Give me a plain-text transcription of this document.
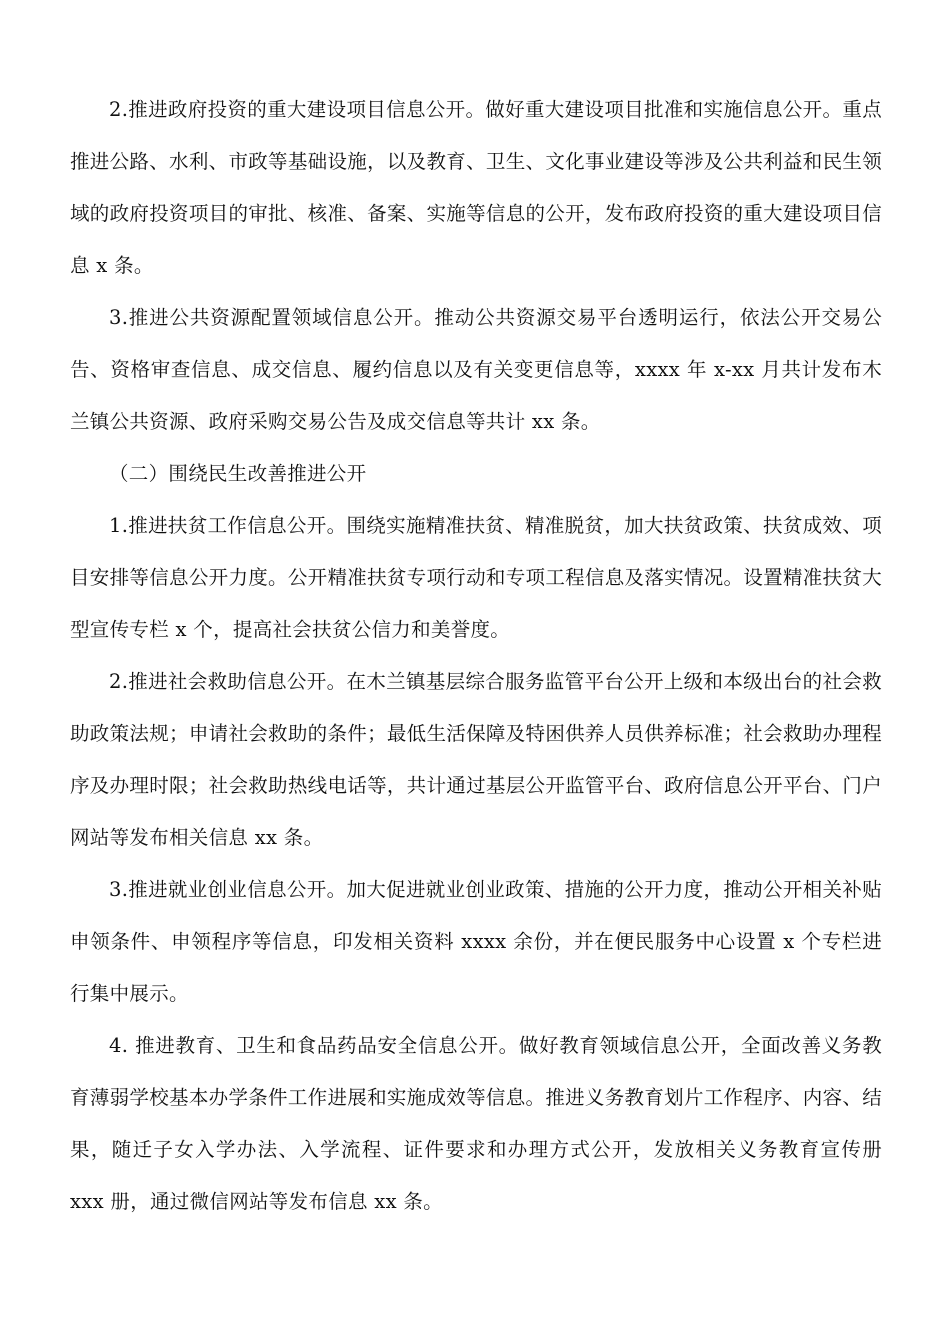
2.推进政府投资的重大建设项目信息公开。做好重大建设项目批准和实施信息公开。重点推进公路、水利、市政等基础设施，以及教育、卫生、文化事业建设等涉及公共利益和民生领域的政府投资项目的审批、核准、备案、实施等信息的公开，发布政府投资的重大建设项目信息 x 条。

3.推进公共资源配置领域信息公开。推动公共资源交易平台透明运行，依法公开交易公告、资格审查信息、成交信息、履约信息以及有关变更信息等，xxxx 年 x-xx 月共计发布木兰镇公共资源、政府采购交易公告及成交信息等共计 xx 条。

（二）围绕民生改善推进公开

1.推进扶贫工作信息公开。围绕实施精准扶贫、精准脱贫，加大扶贫政策、扶贫成效、项目安排等信息公开力度。公开精准扶贫专项行动和专项工程信息及落实情况。设置精准扶贫大型宣传专栏 x 个，提高社会扶贫公信力和美誉度。

2.推进社会救助信息公开。在木兰镇基层综合服务监管平台公开上级和本级出台的社会救助政策法规；申请社会救助的条件；最低生活保障及特困供养人员供养标准；社会救助办理程序及办理时限；社会救助热线电话等，共计通过基层公开监管平台、政府信息公开平台、门户网站等发布相关信息 xx 条。

3.推进就业创业信息公开。加大促进就业创业政策、措施的公开力度，推动公开相关补贴申领条件、申领程序等信息，印发相关资料 xxxx 余份，并在便民服务中心设置 x 个专栏进行集中展示。

4. 推进教育、卫生和食品药品安全信息公开。做好教育领域信息公开，全面改善义务教育薄弱学校基本办学条件工作进展和实施成效等信息。推进义务教育划片工作程序、内容、结果，随迁子女入学办法、入学流程、证件要求和办理方式公开，发放相关义务教育宣传册 xxx 册，通过微信网站等发布信息 xx 条。
